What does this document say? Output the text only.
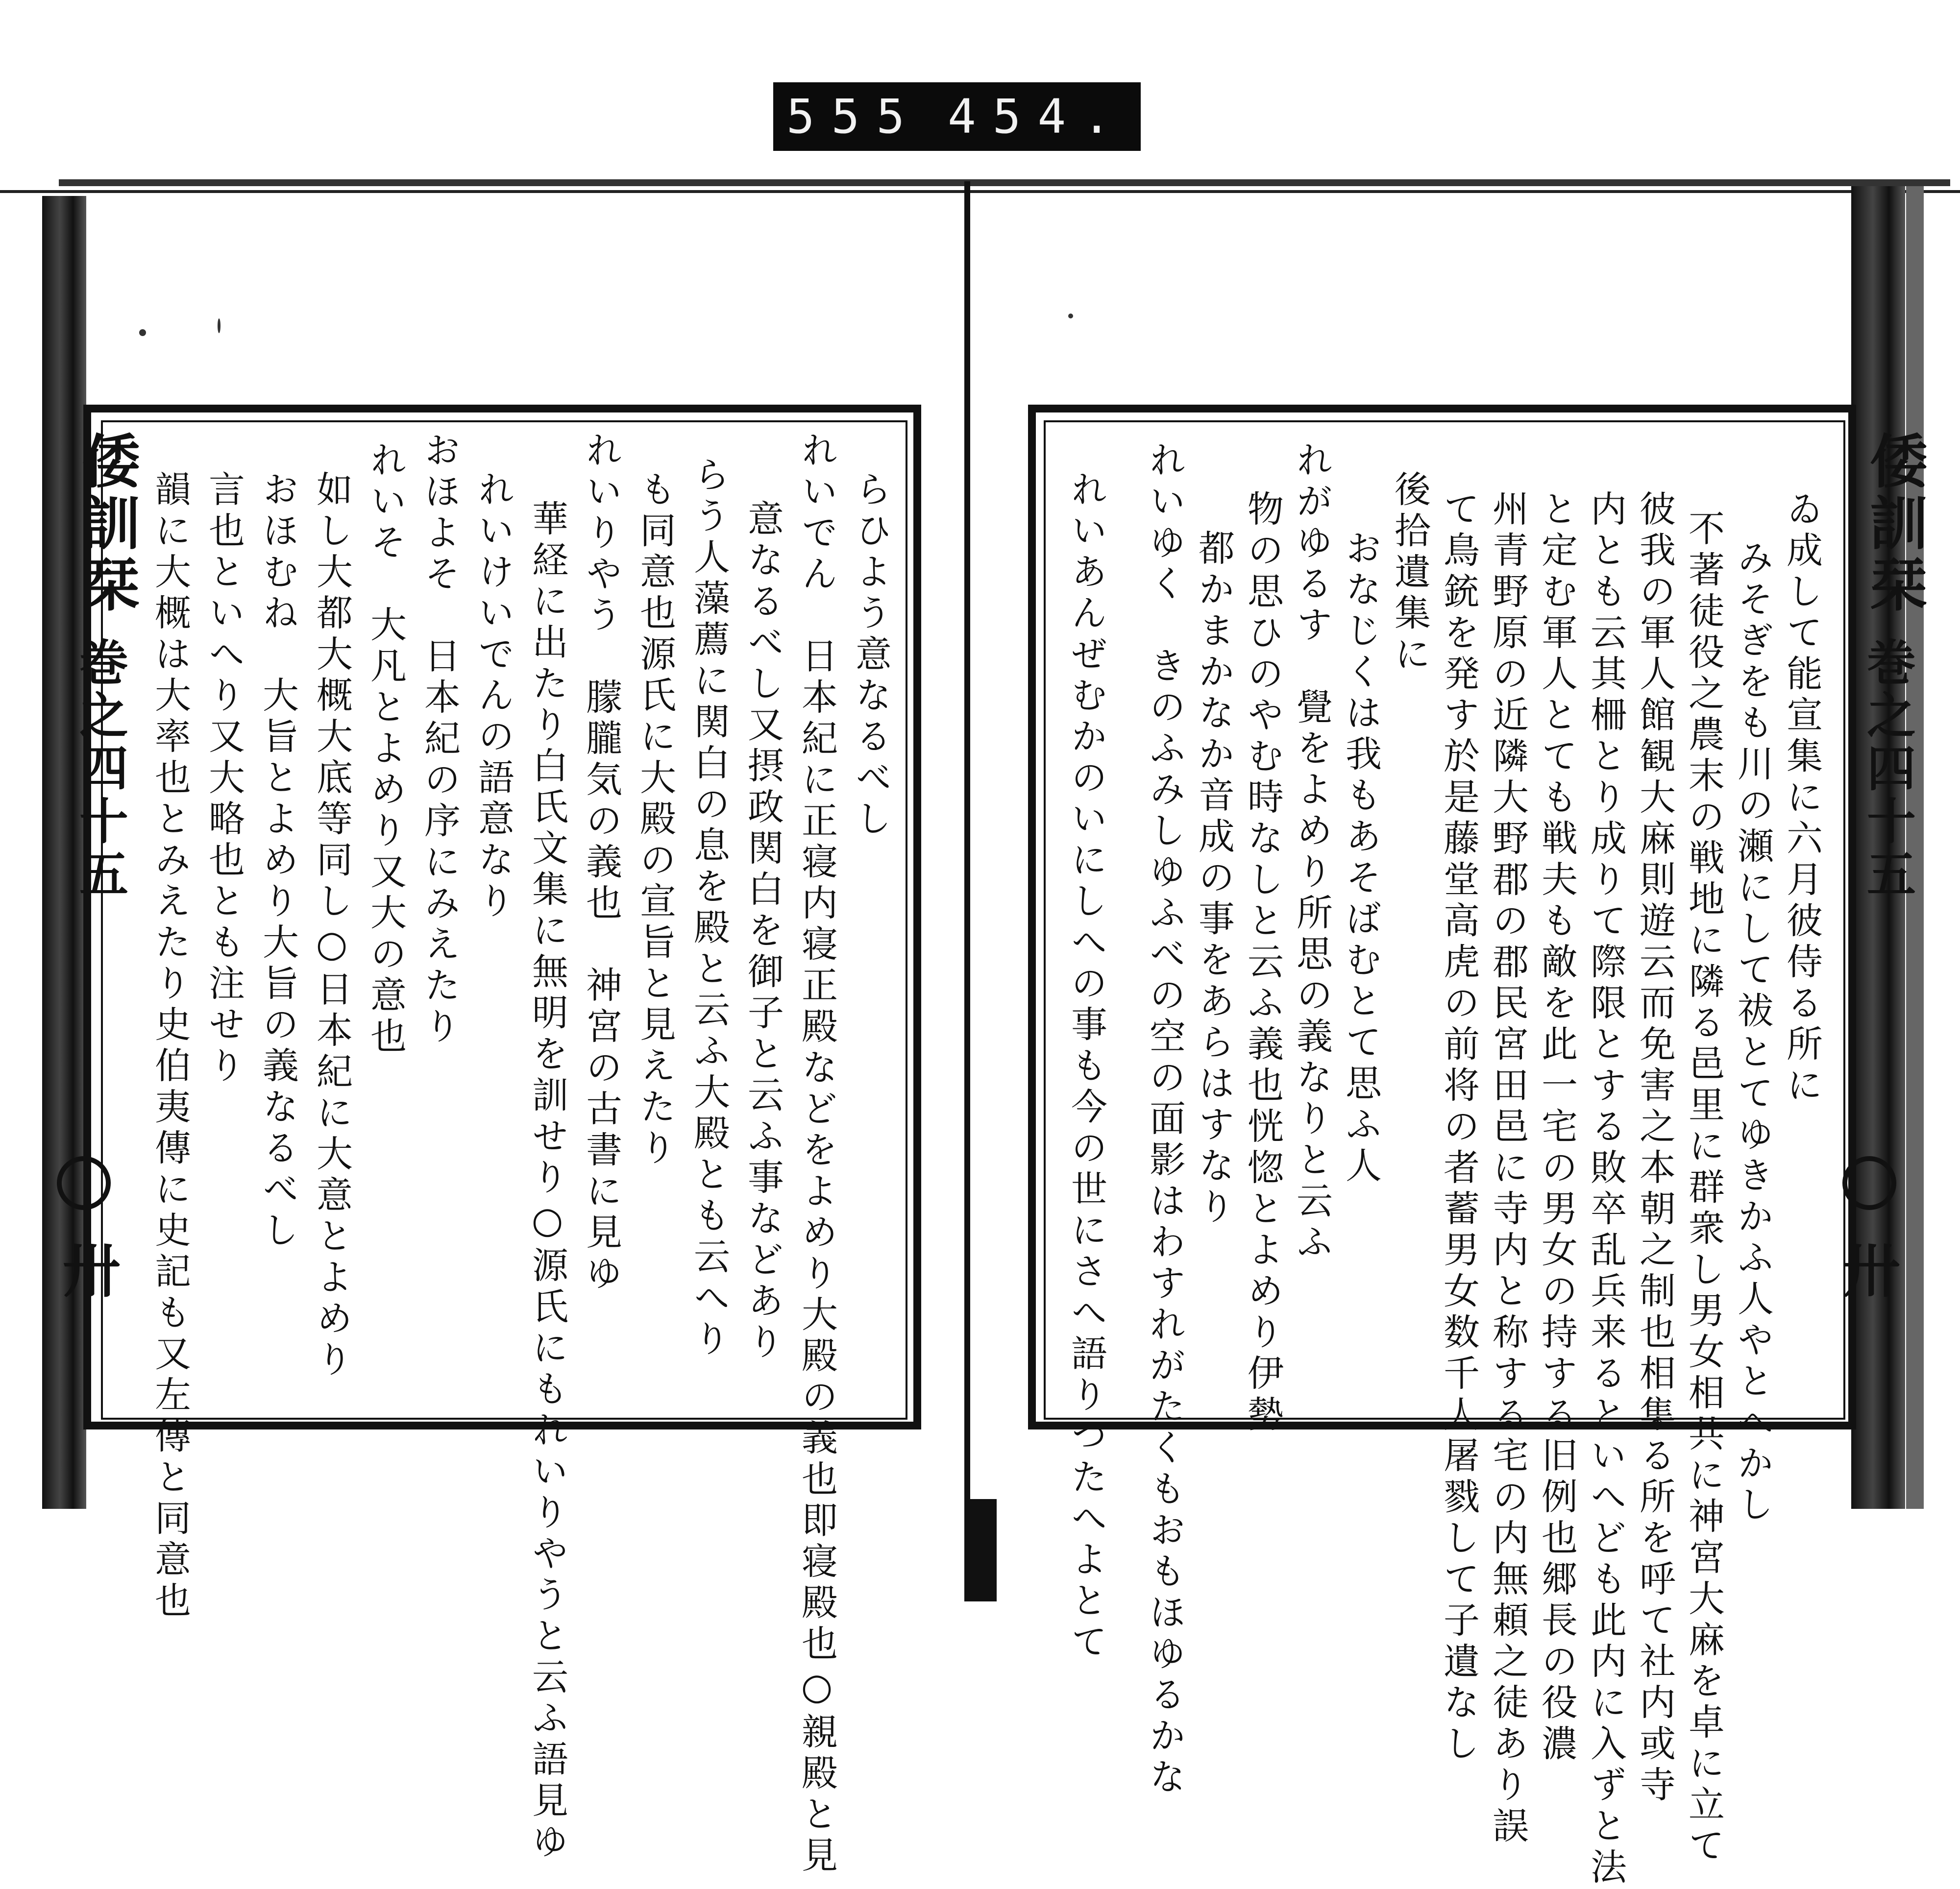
555 454.
倭訓栞
巻之四十五
卅
らひよう意なるべし
れいでん　日本紀に正寝内寝正殿などをよめり大殿の義也即寝殿也○親殿と見
意なるべし又摂政関白を御子と云ふ事などあり
らう人藻薦に関白の息を殿と云ふ大殿とも云へり
も同意也源氏に大殿の宣旨と見えたり
れいりやう　朦朧気の義也　神宮の古書に見ゆ
華経に出たり白氏文集に無明を訓せり○源氏にもれいりやうと云ふ語見ゆ
れいけいでんの語意なり
おほよそ　日本紀の序にみえたり
れいそ　大凡とよめり又大の意也
如し大都大概大底等同し○日本紀に大意とよめり
おほむね　大旨とよめり大旨の義なるべし
言也といへり又大略也とも注せり
韻に大概は大率也とみえたり史伯夷傳に史記も又左傳と同意也	倭訓栞
巻之四十五
卅
ゐ成して能宣集に六月彼侍る所に
みそぎをも川の瀬にして祓とてゆきかふ人やとへかし
不著徒役之農末の戦地に隣る邑里に群衆し男女相共に神宮大麻を卓に立て
彼我の軍人館観大麻則遊云而免害之本朝之制也相集る所を呼て社内或寺
内とも云其柵とり成りて際限とする敗卒乱兵来るといへども此内に入ずと法
と定む軍人とても戦夫も敵を此一宅の男女の持する旧例也郷長の役濃
州青野原の近隣大野郡の郡民宮田邑に寺内と称する宅の内無頼之徒あり誤
て鳥銃を発す於是藤堂高虎の前将の者蓄男女数千人屠戮して子遺なし
後拾遺集に
おなじくは我もあそばむとて思ふ人
れがゆるす　覺をよめり所思の義なりと云ふ
物の思ひのやむ時なしと云ふ義也恍惚とよめり伊勢
都かまかなか音成の事をあらはすなり
れいゆく　きのふみしゆふべの空の面影はわすれがたくもおもほゆるかな
れいあんぜむかのいにしへの事も今の世にさへ語りつたへよとて
